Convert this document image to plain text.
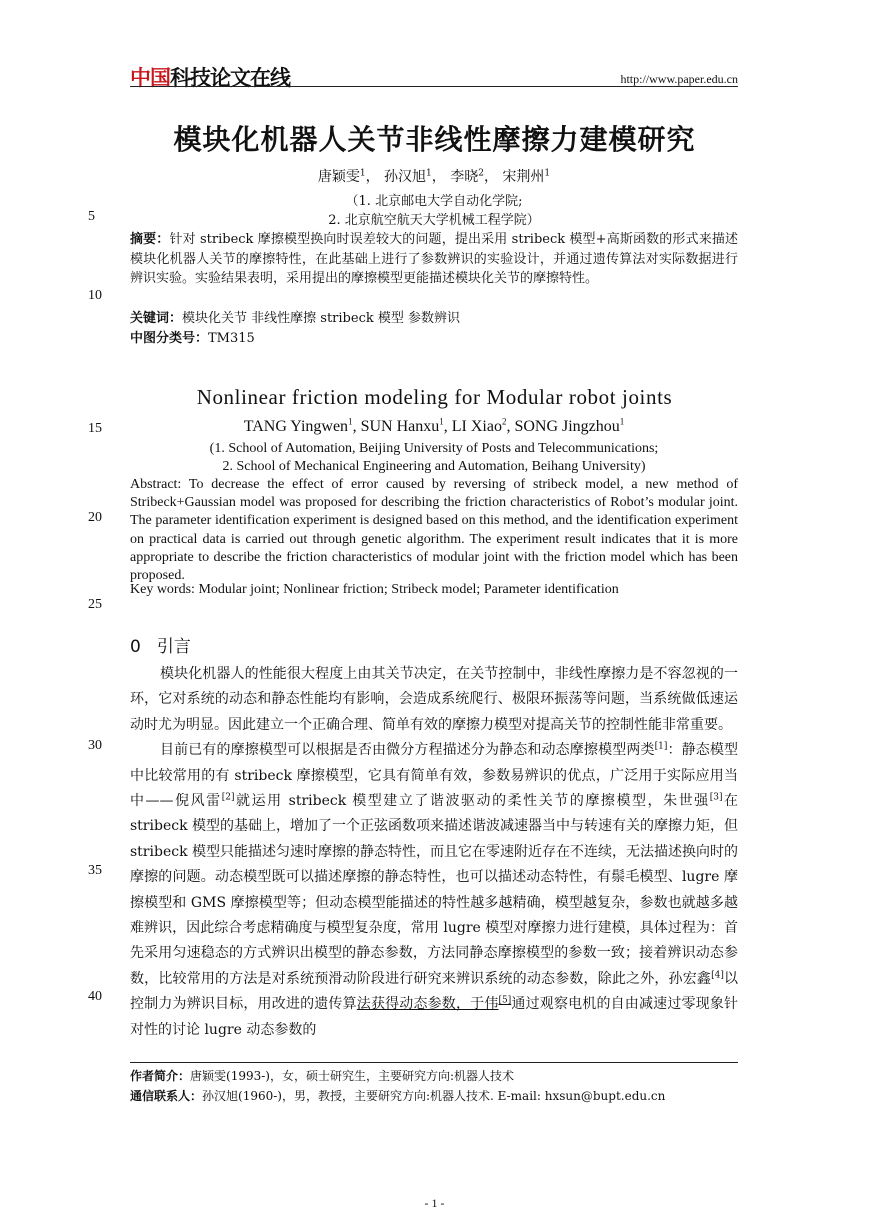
中国科技论文在线	http://www.paper.edu.cn
模块化机器人关节非线性摩擦力建模研究
唐颖雯$^1$， 孙汉旭$^1$， 李晓$^2$， 宋荆州$^1$
（1. 北京邮电大学自动化学院;
2. 北京航空航天大学机械工程学院）
5
10
15
20
25
30
35
40
摘要：针对 stribeck 摩擦模型换向时误差较大的问题，提出采用 stribeck 模型+高斯函数的形式来描述模块化机器人关节的摩擦特性，在此基础上进行了参数辨识的实验设计，并通过遗传算法对实际数据进行辨识实验。实验结果表明，采用提出的摩擦模型更能描述模块化关节的摩擦特性。
关键词：模块化关节 非线性摩擦 stribeck 模型 参数辨识
中图分类号：TM315
Nonlinear friction modeling for Modular robot joints
TANG Yingwen$^1$, SUN Hanxu$^1$, LI Xiao$^2$, SONG Jingzhou$^1$
(1. School of Automation, Beijing University of Posts and Telecommunications;
2. School of Mechanical Engineering and Automation, Beihang University)
Abstract: To decrease the effect of error caused by reversing of stribeck model, a new method of Stribeck+Gaussian model was proposed for describing the friction characteristics of Robot’s modular joint. The parameter identification experiment is designed based on this method, and the identification experiment on practical data is carried out through genetic algorithm. The experiment result indicates that it is more appropriate to describe the friction characteristics of modular joint with the friction model which has been proposed.
Key words: Modular joint; Nonlinear friction; Stribeck model; Parameter identification
0 引言

模块化机器人的性能很大程度上由其关节决定，在关节控制中，非线性摩擦力是不容忽视的一环，它对系统的动态和静态性能均有影响，会造成系统爬行、极限环振荡等问题，当系统做低速运动时尤为明显。因此建立一个正确合理、简单有效的摩擦力模型对提高关节的控制性能非常重要。

目前已有的摩擦模型可以根据是否由微分方程描述分为静态和动态摩擦模型两类[1]：静态模型中比较常用的有 stribeck 摩擦模型，它具有简单有效，参数易辨识的优点，广泛用于实际应用当中——倪风雷[2]就运用 stribeck 模型建立了谐波驱动的柔性关节的摩擦模型，朱世强[3]在 stribeck 模型的基础上，增加了一个正弦函数项来描述谐波减速器当中与转速有关的摩擦力矩，但 stribeck 模型只能描述匀速时摩擦的静态特性，而且它在零速附近存在不连续，无法描述换向时的摩擦的问题。动态模型既可以描述摩擦的静态特性，也可以描述动态特性，有鬃毛模型、lugre 摩擦模型和 GMS 摩擦模型等；但动态模型能描述的特性越多越精确，模型越复杂，参数也就越多越难辨识，因此综合考虑精确度与模型复杂度，常用 lugre 模型对摩擦力进行建模，具体过程为：首先采用匀速稳态的方式辨识出模型的静态参数，方法同静态摩擦模型的参数一致；接着辨识动态参数，比较常用的方法是对系统预滑动阶段进行研究来辨识系统的动态参数，除此之外，孙宏鑫[4]以控制力为辨识目标，用改进的遗传算法获得动态参数，于伟[5]通过观察电机的自由减速过零现象针对性的讨论 lugre 动态参数的

作者简介：唐颖雯(1993-)，女，硕士研究生，主要研究方向:机器人技术
通信联系人：孙汉旭(1960-)，男，教授，主要研究方向:机器人技术. E-mail: hxsun@bupt.edu.cn
- 1 -
